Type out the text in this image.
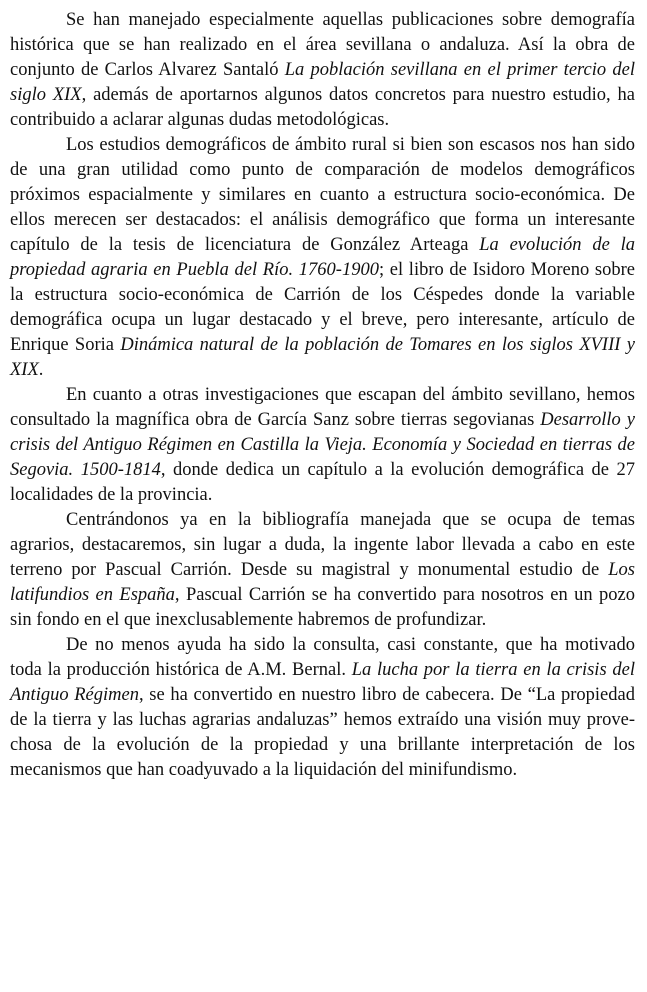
Se han manejado especialmente aquellas publicaciones sobre demografía histórica que se han realizado en el área sevillana o andaluza. Así la obra de conjunto de Carlos Alvarez Santaló La población sevillana en el primer tercio del siglo XIX, además de aportarnos algunos datos concretos para nuestro estudio, ha contribuido a aclarar algunas dudas metodológicas.

Los estudios demográficos de ámbito rural si bien son escasos nos han sido de una gran utilidad como punto de comparación de modelos demográficos próximos espacialmente y similares en cuanto a estructura socio-económica. De ellos merecen ser destacados: el análisis demográfico que forma un interesante capítulo de la tesis de licenciatura de González Arteaga La evolución de la propiedad agraria en Puebla del Río. 1760-1900; el libro de Isidoro Moreno sobre la estructura socio-económica de Carrión de los Céspedes donde la variable demográfica ocupa un lugar destacado y el breve, pero interesante, artículo de Enrique Soria Dinámica natural de la población de Tomares en los siglos XVIII y XIX.

En cuanto a otras investigaciones que escapan del ámbito sevillano, hemos consultado la magnífica obra de García Sanz sobre tierras segovianas Desarrollo y crisis del Antiguo Régimen en Castilla la Vieja. Economía y Sociedad en tierras de Segovia. 1500-1814, donde dedica un capítulo a la evolución demográfica de 27 localidades de la provincia.

Centrándonos ya en la bibliografía manejada que se ocupa de temas agrarios, destacaremos, sin lugar a duda, la ingente labor llevada a cabo en este terreno por Pascual Carrión. Desde su magistral y monumental estudio de Los latifundios en España, Pascual Carrión se ha convertido para nosotros en un pozo sin fondo en el que inexclusablemente habremos de profundizar.

De no menos ayuda ha sido la consulta, casi constante, que ha motivado toda la producción histórica de A.M. Bernal. La lucha por la tierra en la crisis del Antiguo Régimen, se ha convertido en nuestro libro de cabecera. De “La propiedad de la tierra y las luchas agrarias andaluzas” hemos extraído una visión muy provechosa de la evolución de la propiedad y una brillante interpretación de los mecanismos que han coadyuvado a la liquidación del minifundismo.
